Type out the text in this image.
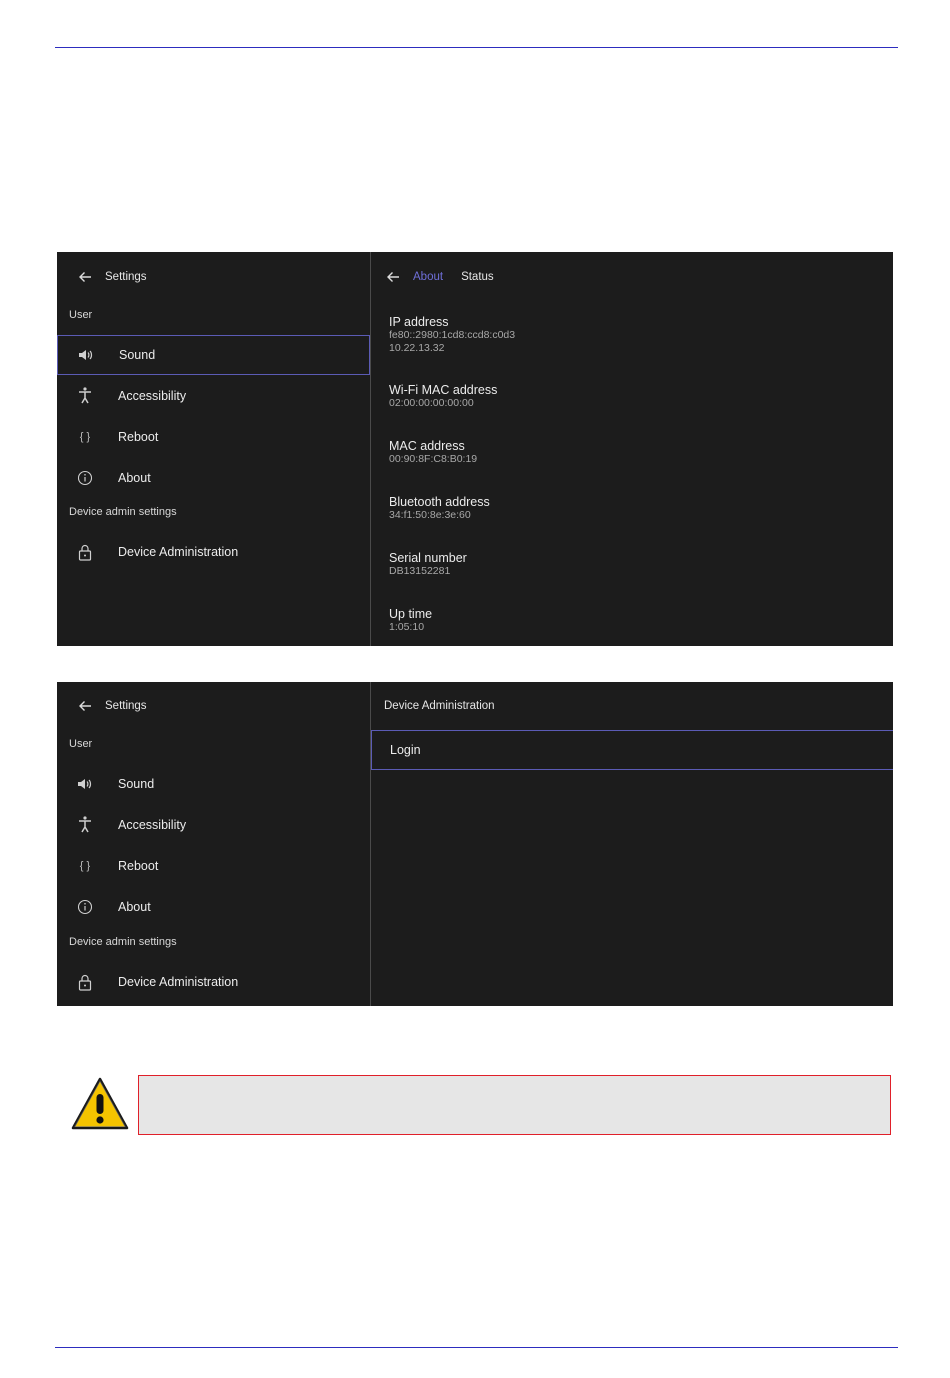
Settings
User
Sound
Accessibility
{ } Reboot
About
Device admin settings
Device Administration
About Status
IP address
fe80::2980:1cd8:ccd8:c0d3
10.22.13.32
Wi-Fi MAC address
02:00:00:00:00:00
MAC address
00:90:8F:C8:B0:19
Bluetooth address
34:f1:50:8e:3e:60
Serial number
DB13152281
Up time
1:05:10
Settings
User
Sound
Accessibility
{ } Reboot
About
Device admin settings
Device Administration
Device Administration
Login
